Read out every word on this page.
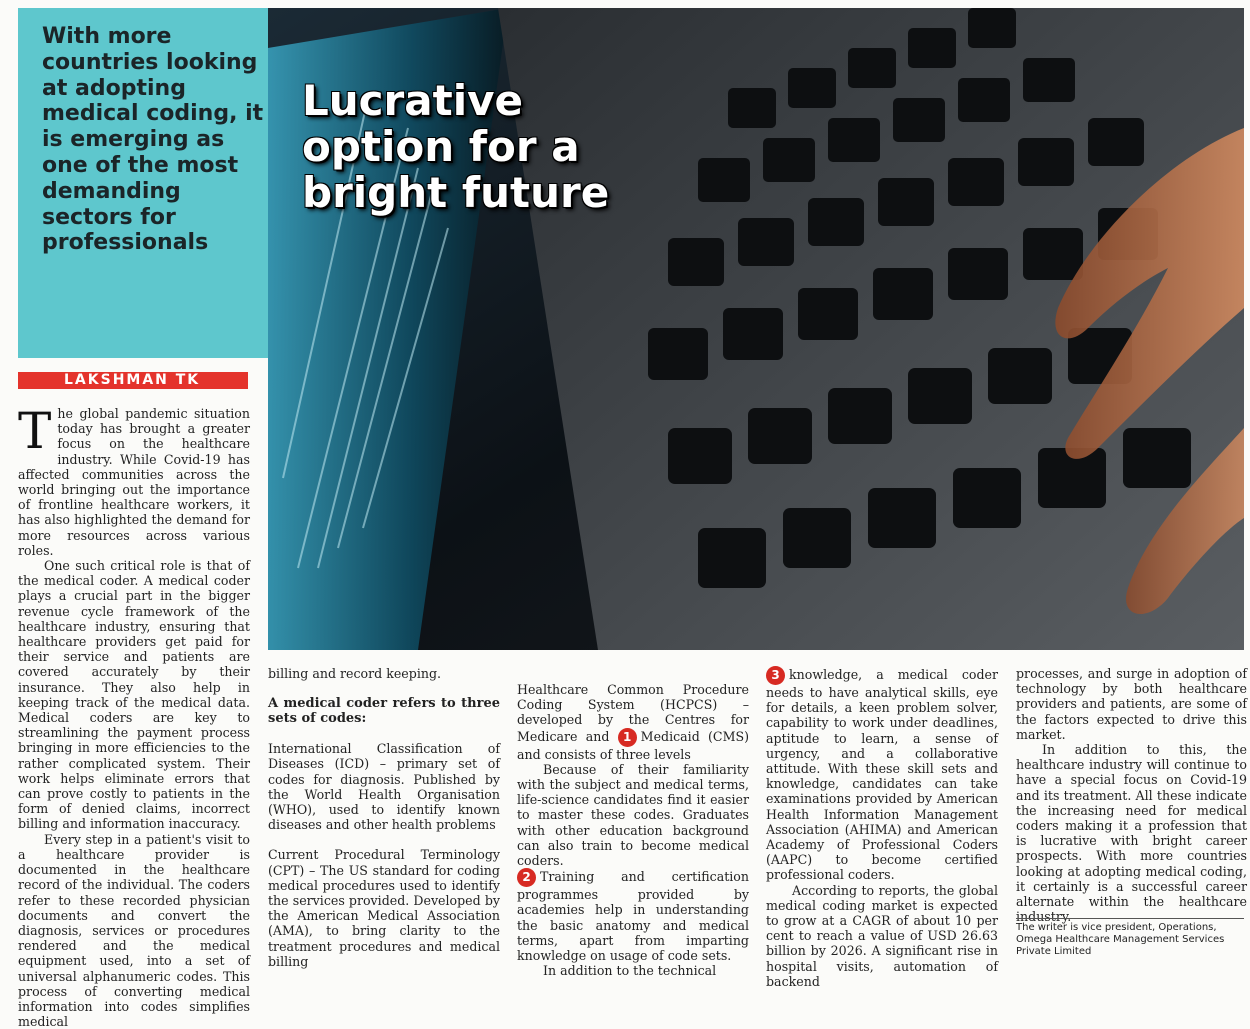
With more countries looking at adopting medical coding, it is emerging as one of the most demanding sectors for professionals
LAKSHMAN TK
Lucrative
option for a
bright future

The global pandemic situation today has brought a greater focus on the healthcare industry. While Covid-19 has affected communities across the world bringing out the importance of frontline healthcare workers, it has also highlighted the demand for more resources across various roles.

One such critical role is that of the medical coder. A medical coder plays a crucial part in the bigger revenue cycle framework of the healthcare industry, ensuring that healthcare providers get paid for their service and patients are covered accurately by their insurance. They also help in keeping track of the medical data. Medical coders are key to streamlining the payment process bringing in more efficiencies to the rather complicated system. Their work helps eliminate errors that can prove costly to patients in the form of denied claims, incorrect billing and information inaccuracy.

Every step in a patient's visit to a healthcare provider is documented in the healthcare record of the individual. The coders refer to these recorded physician documents and convert the diagnosis, services or procedures rendered and the medical equipment used, into a set of universal alphanumeric codes. This process of converting medical information into codes simplifies medical

billing and record keeping.

A medical coder refers to three sets of codes:

International Classification of Diseases (ICD) – primary set of codes for diagnosis. Published by the World Health Organisation (WHO), used to identify known diseases and other health problems

Current Procedural Terminology (CPT) – The US standard for coding medical procedures used to identify the services provided. Developed by the American Medical Association (AMA), to bring clarity to the treatment procedures and medical billing

Healthcare Common Procedure Coding System (HCPCS) – developed by the Centres for Medicare and 1 Medicaid (CMS) and consists of three levels

Because of their familiarity with the subject and medical terms, life-science candidates find it easier to master these codes. Graduates with other education background can also train to become medical coders.

2 Training and certification programmes provided by academies help in understanding the basic anatomy and medical terms, apart from imparting knowledge on usage of code sets.

In addition to the technical

3 knowledge, a medical coder needs to have analytical skills, eye for details, a keen problem solver, capability to work under deadlines, aptitude to learn, a sense of urgency, and a collaborative attitude. With these skill sets and knowledge, candidates can take examinations provided by American Health Information Management Association (AHIMA) and American Academy of Professional Coders (AAPC) to become certified professional coders.

According to reports, the global medical coding market is expected to grow at a CAGR of about 10 per cent to reach a value of USD 26.63 billion by 2026. A significant rise in hospital visits, automation of backend

processes, and surge in adoption of technology by both healthcare providers and patients, are some of the factors expected to drive this market.

In addition to this, the healthcare industry will continue to have a special focus on Covid-19 and its treatment. All these indicate the increasing need for medical coders making it a profession that is lucrative with bright career prospects. With more countries looking at adopting medical coding, it certainly is a successful career alternate within the healthcare industry.

The writer is vice president, Operations, Omega Healthcare Management Services Private Limited
